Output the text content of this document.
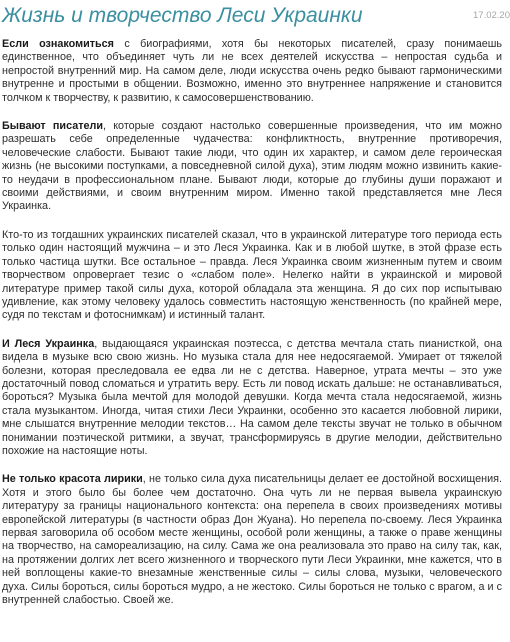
Жизнь и творчество Леси Украинки	17.02.20

Если ознакомиться с биографиями, хотя бы некоторых писателей, сразу понимаешь единственное, что объединяет чуть ли не всех деятелей искусства – непростая судьба и непростой внутренний мир. На самом деле, люди искусства очень редко бывают гармоническими внутренне и простыми в общении. Возможно, именно это внутреннее напряжение и становится толчком к творчеству, к развитию, к самосовершенствованию.

Бывают писатели, которые создают настолько совершенные произведения, что им можно разрешать себе определенные чудачества: конфликтность, внутренние противоречия, человеческие слабости. Бывают такие люди, что один их характер, и самом деле героическая жизнь (не высокими поступками, а повседневной силой духа), этим людям можно извинить какие-то неудачи в профессиональном плане. Бывают люди, которые до глубины души поражают и своими действиями, и своим внутренним миром. Именно такой представляется мне Леся Украинка.

Кто-то из тогдашних украинских писателей сказал, что в украинской литературе того периода есть только один настоящий мужчина – и это Леся Украинка. Как и в любой шутке, в этой фразе есть только частица шутки. Все остальное – правда. Леся Украинка своим жизненным путем и своим творчеством опровергает тезис о «слабом поле». Нелегко найти в украинской и мировой литературе пример такой силы духа, которой обладала эта женщина. Я до сих пор испытываю удивление, как этому человеку удалось совместить настоящую женственность (по крайней мере, судя по текстам и фотоснимкам) и истинный талант.

И Леся Украинка, выдающаяся украинская поэтесса, с детства мечтала стать пианисткой, она видела в музыке всю свою жизнь. Но музыка стала для нее недосягаемой. Умирает от тяжелой болезни, которая преследовала ее едва ли не с детства. Наверное, утрата мечты – это уже достаточный повод сломаться и утратить веру. Есть ли повод искать дальше: не останавливаться, бороться? Музыка была мечтой для молодой девушки. Когда мечта стала недосягаемой, жизнь стала музыкантом. Иногда, читая стихи Леси Украинки, особенно это касается любовной лирики, мне слышатся внутренние мелодии текстов… На самом деле тексты звучат не только в обычном понимании поэтической ритмики, а звучат, трансформируясь в другие мелодии, действительно похожие на настоящие ноты.

Не только красота лирики, не только сила духа писательницы делает ее достойной восхищения. Хотя и этого было бы более чем достаточно. Она чуть ли не первая вывела украинскую литературу за границы национального контекста: она перепела в своих произведениях мотивы европейской литературы (в частности образ Дон Жуана). Но перепела по-своему. Леся Украинка первая заговорила об особом месте женщины, особой роли женщины, а также о праве женщины на творчество, на самореализацию, на силу. Сама же она реализовала это право на силу так, как, на протяжении долгих лет всего жизненного и творческого пути Леси Украинки, мне кажется, что в ней воплощены какие-то внезамные женственные силы – силы слова, музыки, человеческого духа. Силы бороться, силы бороться мудро, а не жестоко. Силы бороться не только с врагом, а и с внутренней слабостью. Своей же.
